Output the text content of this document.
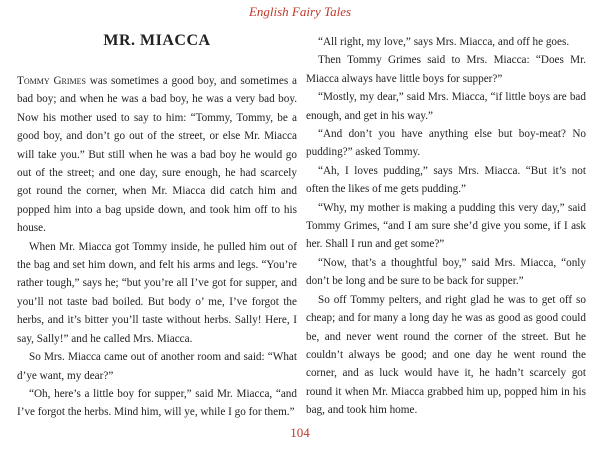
English Fairy Tales
MR. MIACCA

Tommy Grimes was sometimes a good boy, and sometimes a bad boy; and when he was a bad boy, he was a very bad boy. Now his mother used to say to him: “Tommy, Tommy, be a good boy, and don’t go out of the street, or else Mr. Miacca will take you.” But still when he was a bad boy he would go out of the street; and one day, sure enough, he had scarcely got round the corner, when Mr. Miacca did catch him and popped him into a bag upside down, and took him off to his house.

When Mr. Miacca got Tommy inside, he pulled him out of the bag and set him down, and felt his arms and legs. “You’re rather tough,” says he; “but you’re all I’ve got for supper, and you’ll not taste bad boiled. But body o’ me, I’ve forgot the herbs, and it’s bitter you’ll taste without herbs. Sally! Here, I say, Sally!” and he called Mrs. Miacca.

So Mrs. Miacca came out of another room and said: “What d’ye want, my dear?”

“Oh, here’s a little boy for supper,” said Mr. Miacca, “and I’ve forgot the herbs. Mind him, will ye, while I go for them.”

“All right, my love,” says Mrs. Miacca, and off he goes.

Then Tommy Grimes said to Mrs. Miacca: “Does Mr. Miacca always have little boys for supper?”

“Mostly, my dear,” said Mrs. Miacca, “if little boys are bad enough, and get in his way.”

“And don’t you have anything else but boy-meat? No pudding?” asked Tommy.

“Ah, I loves pudding,” says Mrs. Miacca. “But it’s not often the likes of me gets pudding.”

“Why, my mother is making a pudding this very day,” said Tommy Grimes, “and I am sure she’d give you some, if I ask her. Shall I run and get some?”

“Now, that’s a thoughtful boy,” said Mrs. Miacca, “only don’t be long and be sure to be back for supper.”

So off Tommy pelters, and right glad he was to get off so cheap; and for many a long day he was as good as good could be, and never went round the corner of the street. But he couldn’t always be good; and one day he went round the corner, and as luck would have it, he hadn’t scarcely got round it when Mr. Miacca grabbed him up, popped him in his bag, and took him home.

104
